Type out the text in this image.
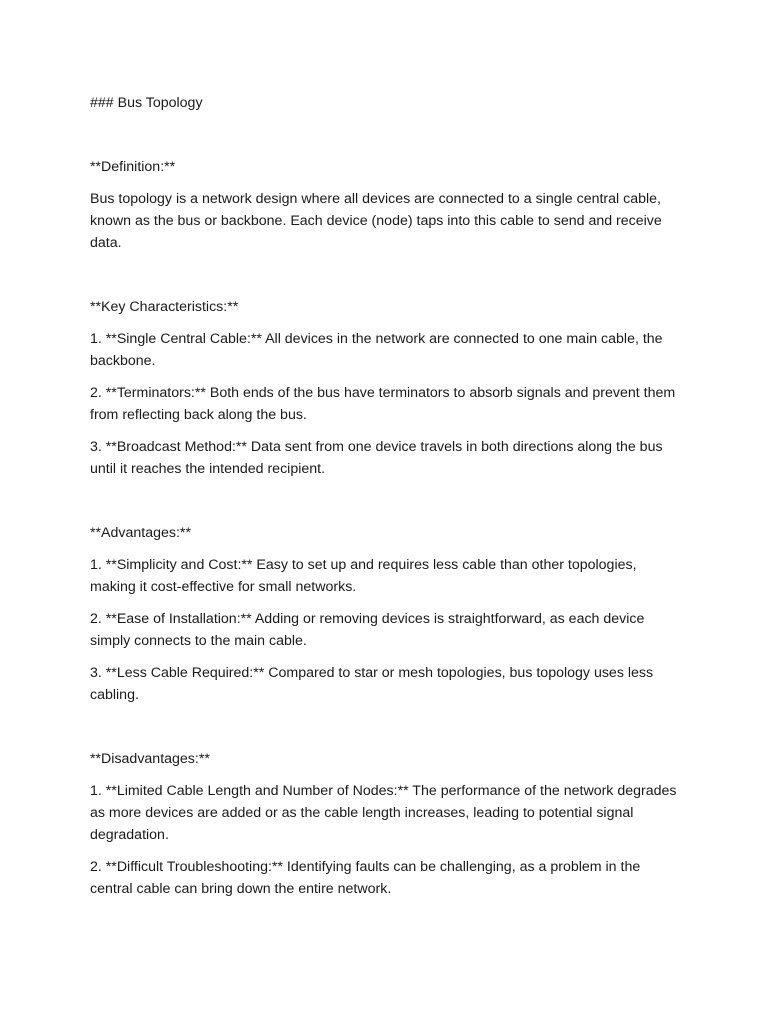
### Bus Topology

**Definition:**

Bus topology is a network design where all devices are connected to a single central cable, known as the bus or backbone. Each device (node) taps into this cable to send and receive data.

**Key Characteristics:**

1. **Single Central Cable:** All devices in the network are connected to one main cable, the backbone.

2. **Terminators:** Both ends of the bus have terminators to absorb signals and prevent them from reflecting back along the bus.

3. **Broadcast Method:** Data sent from one device travels in both directions along the bus until it reaches the intended recipient.

**Advantages:**

1. **Simplicity and Cost:** Easy to set up and requires less cable than other topologies, making it cost-effective for small networks.

2. **Ease of Installation:** Adding or removing devices is straightforward, as each device simply connects to the main cable.

3. **Less Cable Required:** Compared to star or mesh topologies, bus topology uses less cabling.

**Disadvantages:**

1. **Limited Cable Length and Number of Nodes:** The performance of the network degrades as more devices are added or as the cable length increases, leading to potential signal degradation.

2. **Difficult Troubleshooting:** Identifying faults can be challenging, as a problem in the central cable can bring down the entire network.
